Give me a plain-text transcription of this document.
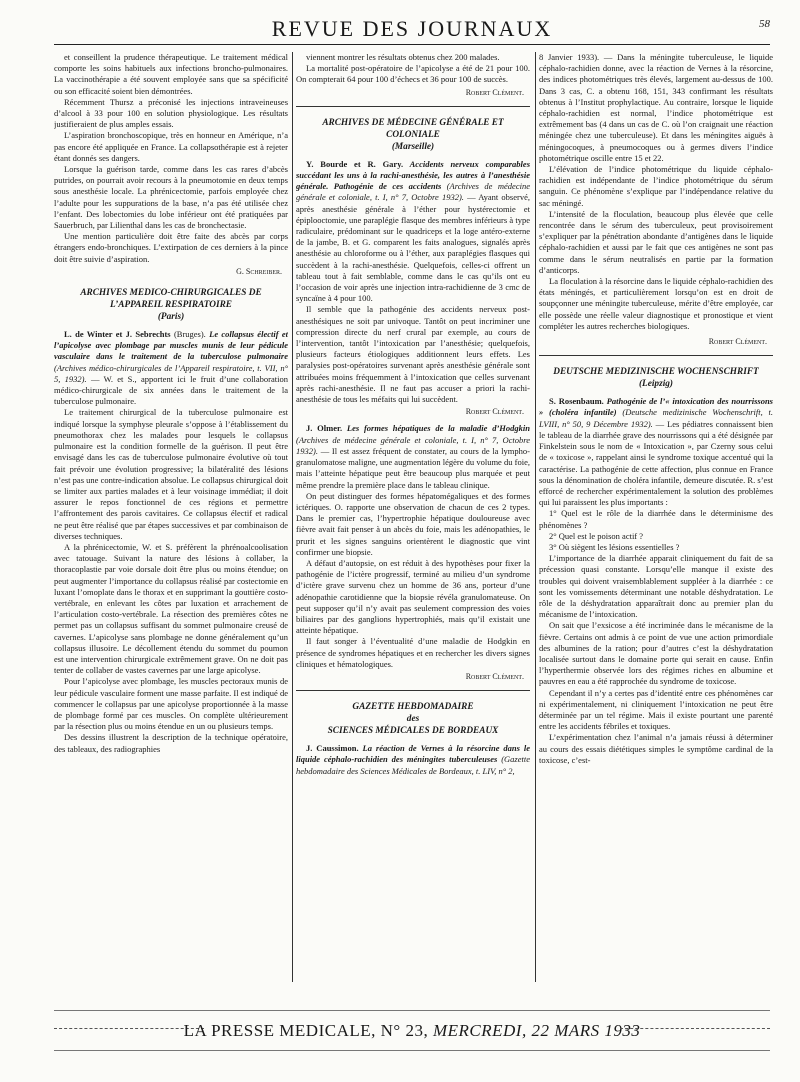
REVUE DES JOURNAUX	58

et conseillent la prudence thérapeutique. Le traitement médical comporte les soins habituels aux infections broncho-pulmonaires. La vaccinothérapie a été souvent employée sans que sa spécificité ou son efficacité soient bien démontrées.

Récemment Thursz a préconisé les injections intraveineuses d’alcool à 33 pour 100 en solution physiologique. Les résultats justifieraient de plus amples essais.

L’aspiration bronchoscopique, très en honneur en Amérique, n’a pas encore été appliquée en France. La collapsothérapie est à rejeter étant donnés ses dangers.

Lorsque la guérison tarde, comme dans les cas rares d’abcès putrides, on pourrait avoir recours à la pneumotomie en deux temps sous anesthésie locale. La phrénicectomie, parfois employée chez l’adulte pour les suppurations de la base, n’a pas été utilisée chez l’enfant. Des lobectomies du lobe inférieur ont été pratiquées par Sauerbruch, par Lilienthal dans les cas de bronchectasie.

Une mention particulière doit être faite des abcès par corps étrangers endo-bronchiques. L’extirpation de ces derniers à la pince doit être suivie d’aspiration.

G. Schreiber.

ARCHIVES MEDICO-CHIRURGICALES DE L’APPAREIL RESPIRATOIRE
(Paris)

L. de Winter et J. Sebrechts (Bruges). Le collapsus électif et l’apicolyse avec plombage par muscles munis de leur pédicule vasculaire dans le traitement de la tuberculose pulmonaire (Archives médico-chirurgicales de l’Appareil respiratoire, t. VII, n° 5, 1932). — W. et S., apportent ici le fruit d’une collaboration médico-chirurgicale de six années dans le traitement de la tuberculose pulmonaire.

Le traitement chirurgical de la tuberculose pulmonaire est indiqué lorsque la symphyse pleurale s’oppose à l’établissement du pneumothorax chez les malades pour lesquels le collapsus pulmonaire est la condition formelle de la guérison. Il peut être envisagé dans les cas de tuberculose pulmonaire évolutive où tout fait prévoir une évolution progressive; la bilatéralité des lésions n’est pas une contre-indication absolue. Le collapsus chirurgical doit se limiter aux parties malades et à leur voisinage immédiat; il doit assurer le repos fonctionnel de ces régions et permettre l’affrontement des parois cavitaires. Ce collapsus électif et radical ne peut être réalisé que par étapes successives et par combinaison de diverses techniques.

A la phrénicectomie, W. et S. préfèrent la phrénoalcoolisation avec tatouage. Suivant la nature des lésions à collaber, la thoracoplastie par voie dorsale doit être plus ou moins étendue; on peut augmenter l’importance du collapsus réalisé par costectomie en luxant l’omoplate dans le thorax et en supprimant la gouttière costo-vertébrale, en enlevant les côtes par luxation et arrachement de l’articulation costo-vertébrale. La résection des premières côtes ne permet pas un collapsus suffisant du sommet pulmonaire creusé de cavernes. L’apicolyse sans plombage ne donne généralement qu’un collapsus illusoire. Le décollement étendu du sommet du poumon est une intervention chirurgicale extrêmement grave. On ne doit pas tenter de collaber de vastes cavernes par une large apicolyse.

Pour l’apicolyse avec plombage, les muscles pectoraux munis de leur pédicule vasculaire forment une masse parfaite. Il est indiqué de commencer le collapsus par une apicolyse proportionnée à la masse de plombage formé par ces muscles. On complète ultérieurement par la résection plus ou moins étendue en un ou plusieurs temps.

Des dessins illustrent la description de la technique opératoire, des tableaux, des radiographies

viennent montrer les résultats obtenus chez 200 malades.

La mortalité post-opératoire de l’apicolyse a été de 21 pour 100. On compterait 64 pour 100 d’échecs et 36 pour 100 de succès.

Robert Clément.

ARCHIVES DE MÉDECINE GÉNÉRALE ET COLONIALE
(Marseille)

Y. Bourde et R. Gary. Accidents nerveux comparables succédant les uns à la rachi-anesthésie, les autres à l’anesthésie générale. Pathogénie de ces accidents (Archives de médecine générale et coloniale, t. I, n° 7, Octobre 1932). — Ayant observé, après anesthésie générale à l’éther pour hystérectomie et épiplooctomie, une paraplégie flasque des membres inférieurs à type radiculaire, prédominant sur le quadriceps et la loge antéro-externe de la jambe, B. et G. comparent les faits analogues, signalés après anesthésie au chloroforme ou à l’éther, aux paraplégies flasques qui succèdent à la rachi-anesthésie. Quelquefois, celles-ci offrent un tableau tout à fait semblable, comme dans le cas qu’ils ont eu l’occasion de voir après une injection intra-rachidienne de 3 cmc de syncaïne à 4 pour 100.

Il semble que la pathogénie des accidents nerveux post-anesthésiques ne soit par univoque. Tantôt on peut incriminer une compression directe du nerf crural par exemple, au cours de l’intervention, tantôt l’intoxication par l’anesthésie; quelquefois, plusieurs facteurs étiologiques additionnent leurs effets. Les paralysies post-opératoires survenant après anesthésie générale sont attribuées moins fréquemment à l’intoxication que celles survenant après rachi-anesthésie. Il ne faut pas accuser a priori la rachi-anesthésie de tous les méfaits qui lui succèdent.

Robert Clément.

J. Olmer. Les formes hépatiques de la maladie d’Hodgkin (Archives de médecine générale et coloniale, t. I, n° 7, Octobre 1932). — Il est assez fréquent de constater, au cours de la lympho-granulomatose maligne, une augmentation légère du volume du foie, mais l’atteinte hépatique peut être beaucoup plus marquée et peut même prendre la première place dans le tableau clinique.

On peut distinguer des formes hépatomégaliques et des formes ictériques. O. rapporte une observation de chacun de ces 2 types. Dans le premier cas, l’hypertrophie hépatique douloureuse avec fièvre avait fait penser à un abcès du foie, mais les adénopathies, le prurit et les signes sanguins orientèrent le diagnostic que vint confirmer une biopsie.

A défaut d’autopsie, on est réduit à des hypothèses pour fixer la pathogénie de l’ictère progressif, terminé au milieu d’un syndrome d’ictère grave survenu chez un homme de 36 ans, porteur d’une adénopathie carotidienne que la biopsie révéla granulomateuse. On peut supposer qu’il n’y avait pas seulement compression des voies biliaires par des ganglions hypertrophiés, mais qu’il existait une atteinte hépatique.

Il faut songer à l’éventualité d’une maladie de Hodgkin en présence de syndromes hépatiques et en rechercher les divers signes cliniques et hématologiques.

Robert Clément.

GAZETTE HEBDOMADAIRE
des
SCIENCES MÉDICALES DE BORDEAUX

J. Caussimon. La réaction de Vernes à la résorcine dans le liquide céphalo-rachidien des méningites tuberculeuses (Gazette hebdomadaire des Sciences Médicales de Bordeaux, t. LIV, n° 2,

8 Janvier 1933). — Dans la méningite tuberculeuse, le liquide céphalo-rachidien donne, avec la réaction de Vernes à la résorcine, des indices photométriques très élevés, largement au-dessus de 100. Dans 3 cas, C. a obtenu 168, 151, 343 confirmant les résultats obtenus à l’Institut prophylactique. Au contraire, lorsque le liquide céphalo-rachidien est normal, l’indice photométrique est extrêmement bas (4 dans un cas de C. où l’on craignait une réaction méningée chez une tuberculeuse). Et dans les méningites aiguës à méningocoques, à pneumocoques ou à germes divers l’indice photométrique oscille entre 15 et 22.

L’élévation de l’indice photométrique du liquide céphalo-rachidien est indépendante de l’indice photométrique du sérum sanguin. Ce phénomène s’explique par l’indépendance relative du sac méningé.

L’intensité de la floculation, beaucoup plus élevée que celle rencontrée dans le sérum des tuberculeux, peut provisoirement s’expliquer par la pénétration abondante d’antigènes dans le liquide céphalo-rachidien et aussi par le fait que ces antigènes ne sont pas comme dans le sérum neutralisés en partie par la formation d’anticorps.

La floculation à la résorcine dans le liquide céphalo-rachidien des états méningés, et particulièrement lorsqu’on est en droit de soupçonner une méningite tuberculeuse, mérite d’être employée, car elle possède une réelle valeur diagnostique et pronostique et vient compléter les autres recherches biologiques.

Robert Clément.

DEUTSCHE MEDIZINISCHE WOCHENSCHRIFT
(Leipzig)

S. Rosenbaum. Pathogénie de l’« intoxication des nourrissons » (choléra infantile) (Deutsche medizinische Wochenschrift, t. LVIII, n° 50, 9 Décembre 1932). — Les pédiatres connaissent bien le tableau de la diarrhée grave des nourrissons qui a été désignée par Finkelstein sous le nom de « Intoxication », par Czerny sous celui de « toxicose », rappelant ainsi le syndrome toxique accentué qui la caractérise. La pathogénie de cette affection, plus connue en France sous la dénomination de choléra infantile, demeure discutée. R. s’est efforcé de rechercher expérimentalement la solution des problèmes qui lui paraissent les plus importants :

1° Quel est le rôle de la diarrhée dans le déterminisme des phénomènes ?

2° Quel est le poison actif ?

3° Où siègent les lésions essentielles ?

L’importance de la diarrhée apparait cliniquement du fait de sa précession quasi constante. Lorsqu’elle manque il existe des troubles qui doivent vraisemblablement suppléer à la diarrhée : ce sont les vomissements déterminant une notable déshydratation. Le rôle de la déshydratation apparaîtrait donc au premier plan du mécanisme de l’intoxication.

On sait que l’exsicose a été incriminée dans le mécanisme de la fièvre. Certains ont admis à ce point de vue une action primordiale des albumines de la ration; pour d’autres c’est la déshydratation localisée surtout dans le domaine porte qui serait en cause. Enfin l’hyperthermie observée lors des régimes riches en albumine et pauvres en eau a été rapprochée du syndrome de toxicose.

Cependant il n’y a certes pas d’identité entre ces phénomènes car ni expérimentalement, ni cliniquement l’intoxication ne peut être déterminée par un tel régime. Mais il existe pourtant une parenté entre les accidents fébriles et toxiques.

L’expérimentation chez l’animal n’a jamais réussi à déterminer au cours des essais diététiques simples le symptôme cardinal de la toxicose, c’est-

LA PRESSE MEDICALE, N° 23, MERCREDI, 22 MARS 1933
